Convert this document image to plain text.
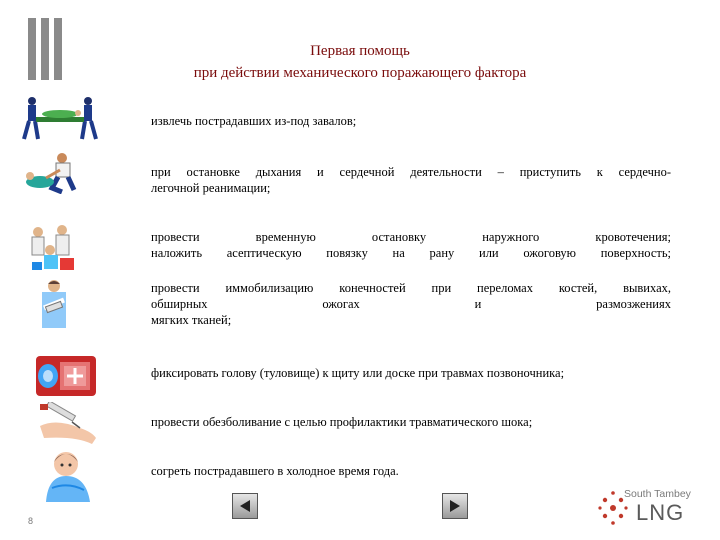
Первая помощь
при действии механического поражающего фактора
извлечь пострадавших из-под завалов;
при остановке дыхания и сердечной деятельности – приступить к сердечно-
легочной реанимации;
провести временную остановку наружного кровотечения;
наложить асептическую повязку на рану или ожоговую поверхность;
провести иммобилизацию конечностей при переломах костей, вывихах,
обширных ожогах и размозжениях
мягких тканей;
фиксировать голову (туловище) к щиту или доске при травмах позвоночника;
провести обезболивание с целью профилактики травматического шока;
согреть пострадавшего в холодное время года.
8
South Tambey
LNG
